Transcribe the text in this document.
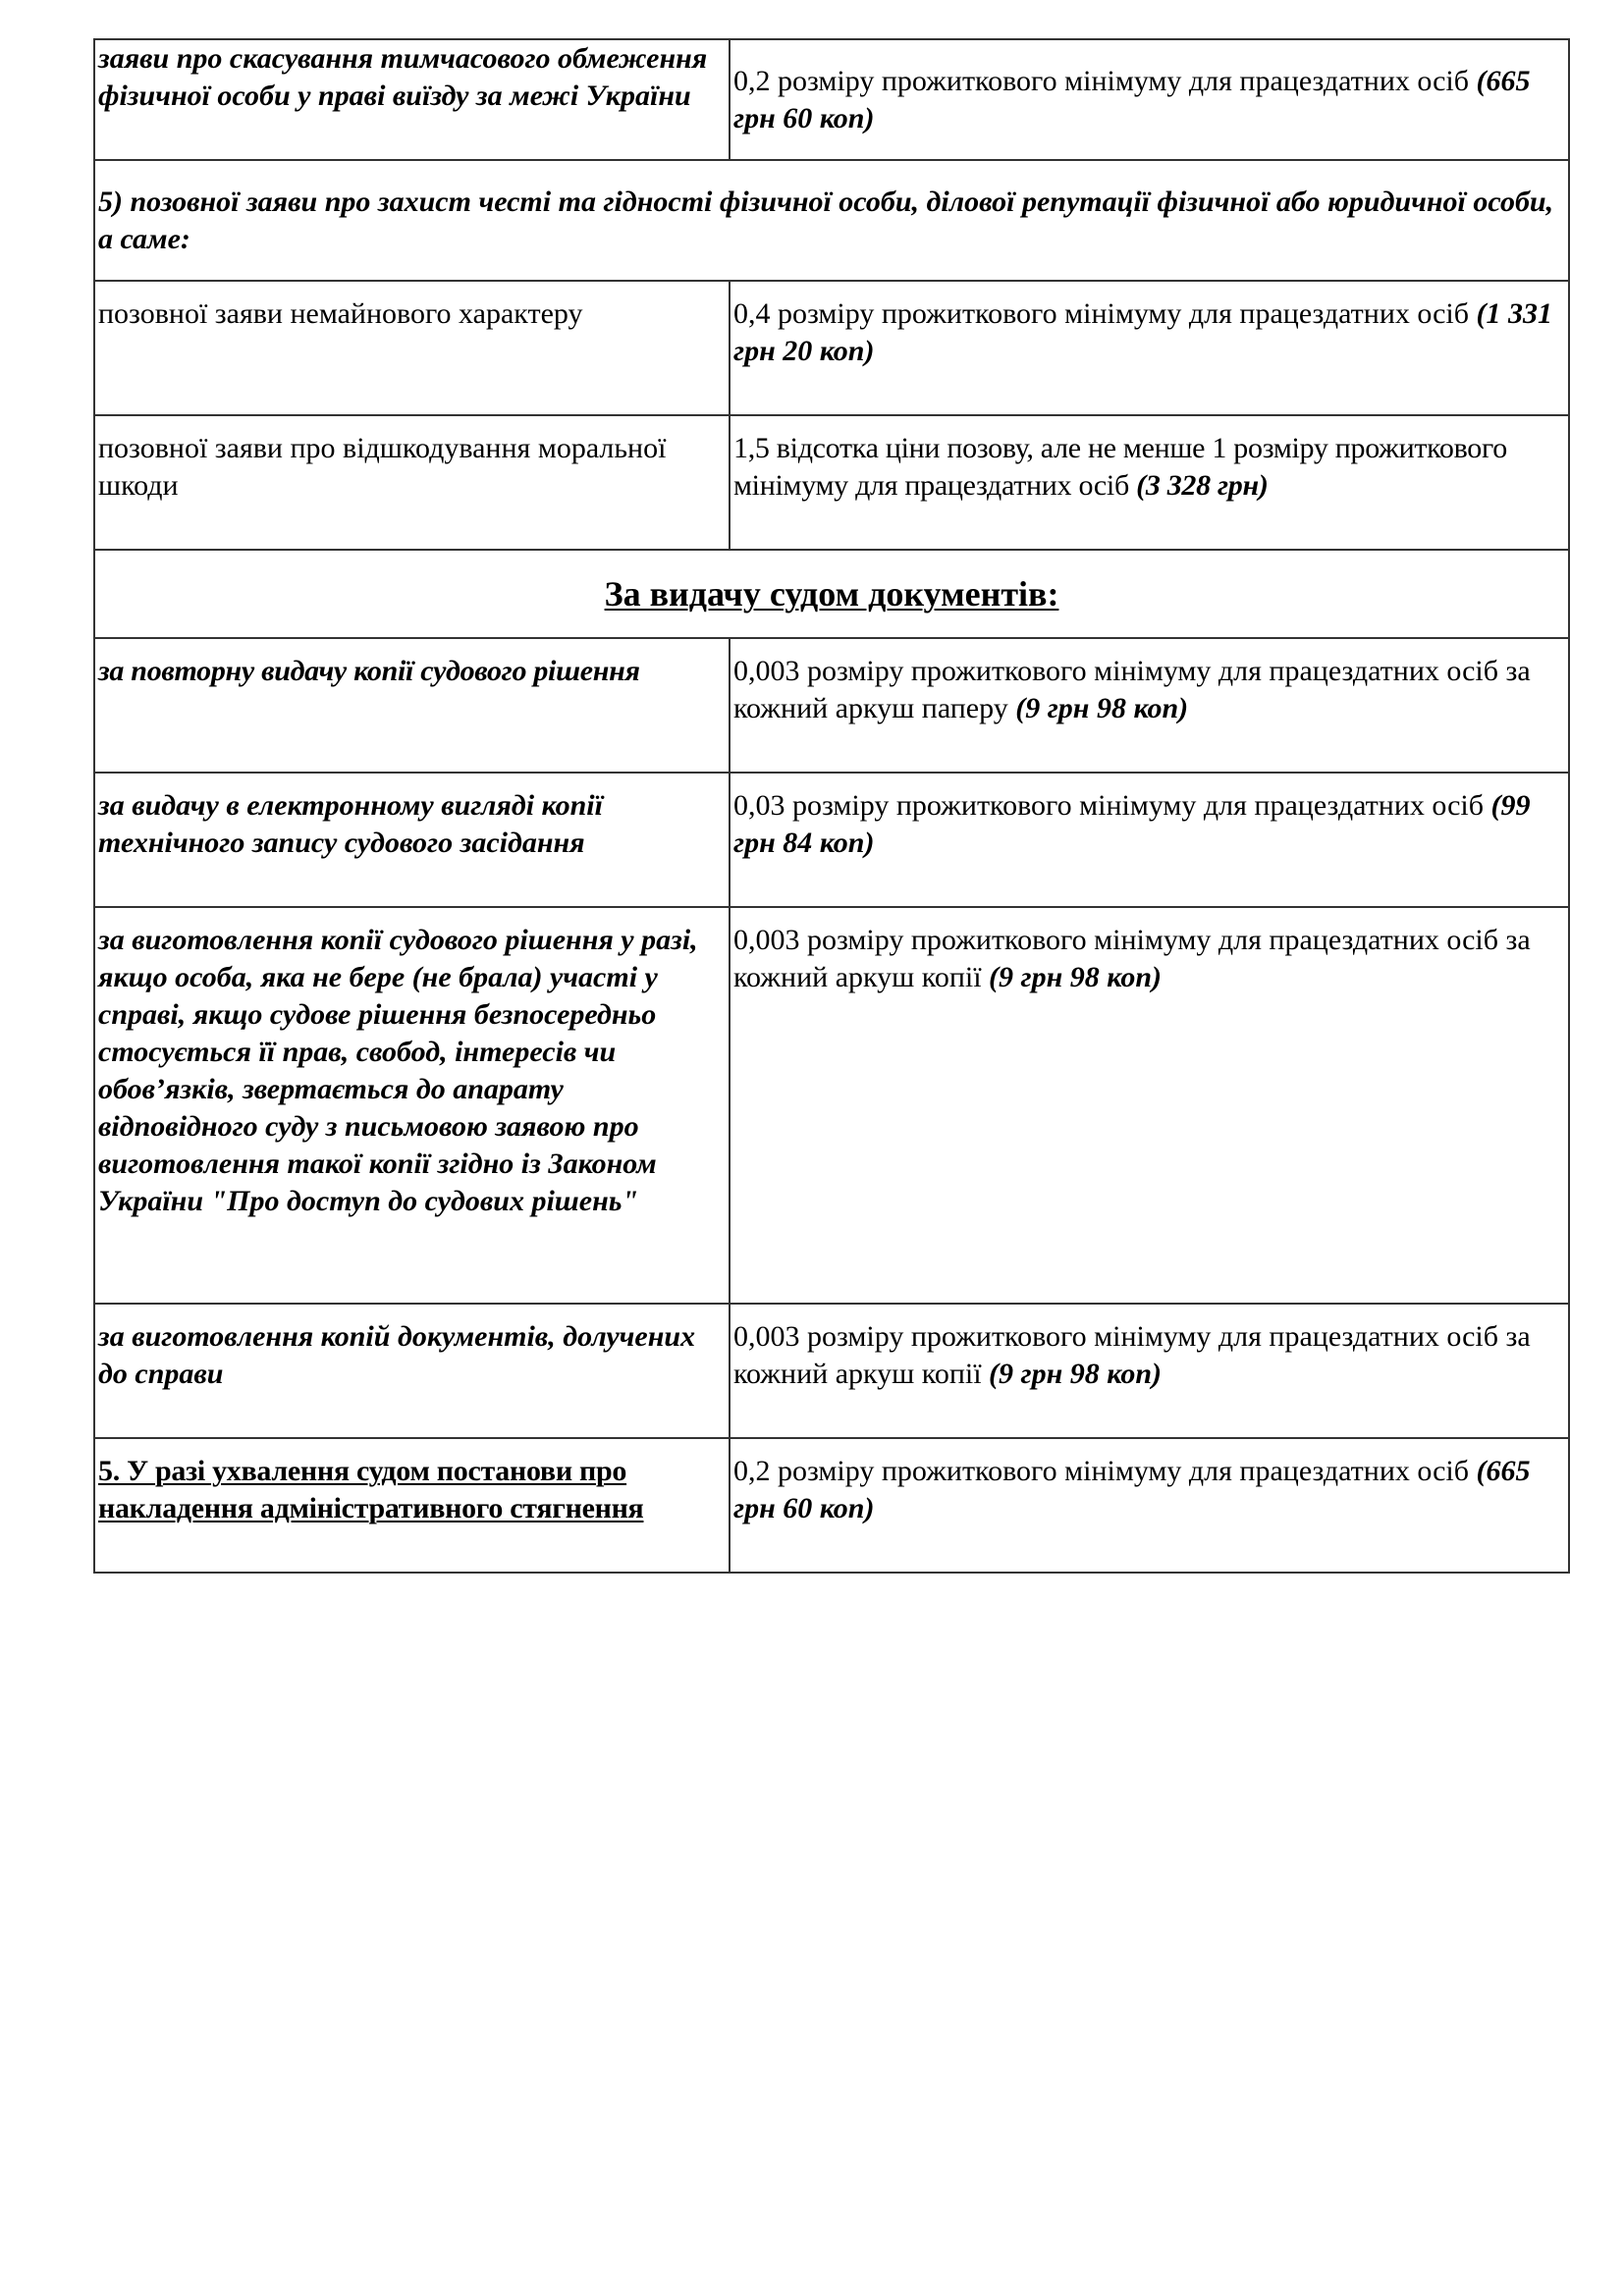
заяви про скасування тимчасового обмеження фізичної особи у праві виїзду за межі України	0,2 розміру прожиткового мінімуму для працездатних осіб (665 грн 60 коп)
5) позовної заяви про захист честі та гідності фізичної особи, ділової репутації фізичної або юридичної особи, а саме:	
позовної заяви немайнового характеру	0,4 розміру прожиткового мінімуму для працездатних осіб (1 331 грн 20 коп)
позовної заяви про відшкодування моральної шкоди	1,5 відсотка ціни позову, але не менше 1 розміру прожиткового мінімуму для працездатних осіб (3 328 грн)
За видачу судом документів:	
за повторну видачу копії судового рішення	0,003 розміру прожиткового мінімуму для працездатних осіб за кожний аркуш паперу (9 грн 98 коп)
за видачу в електронному вигляді копії технічного запису судового засідання	0,03 розміру прожиткового мінімуму для працездатних осіб (99 грн 84 коп)
за виготовлення копії судового рішення у разі, якщо особа, яка не бере (не брала) участі у справі, якщо судове рішення безпосередньо стосується її прав, свобод, інтересів чи обов’язків, звертається до апарату відповідного суду з письмовою заявою про виготовлення такої копії згідно із Законом України "Про доступ до судових рішень"	0,003 розміру прожиткового мінімуму для працездатних осіб за кожний аркуш копії (9 грн 98 коп)
за виготовлення копій документів, долучених до справи	0,003 розміру прожиткового мінімуму для працездатних осіб за кожний аркуш копії (9 грн 98 коп)
5. У разі ухвалення судом постанови про накладення адміністративного стягнення	0,2 розміру прожиткового мінімуму для працездатних осіб (665 грн 60 коп)
